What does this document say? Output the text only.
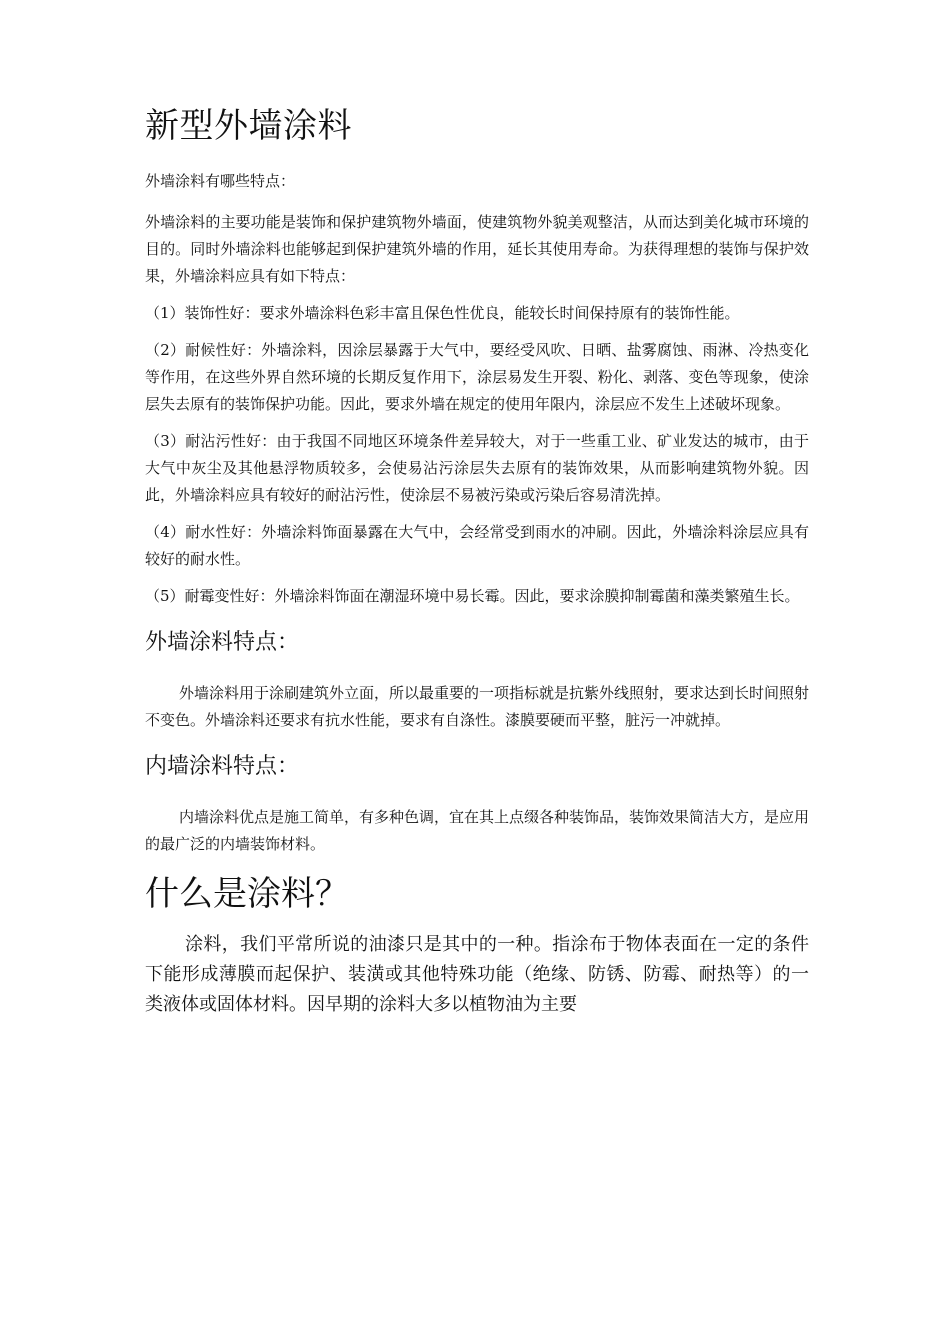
新型外墙涂料

外墙涂料有哪些特点：

外墙涂料的主要功能是装饰和保护建筑物外墙面，使建筑物外貌美观整洁，从而达到美化城市环境的目的。同时外墙涂料也能够起到保护建筑外墙的作用，延长其使用寿命。为获得理想的装饰与保护效果，外墙涂料应具有如下特点：

（1）装饰性好：要求外墙涂料色彩丰富且保色性优良，能较长时间保持原有的装饰性能。

（2）耐候性好：外墙涂料，因涂层暴露于大气中，要经受风吹、日晒、盐雾腐蚀、雨淋、冷热变化等作用，在这些外界自然环境的长期反复作用下，涂层易发生开裂、粉化、剥落、变色等现象，使涂层失去原有的装饰保护功能。因此，要求外墙在规定的使用年限内，涂层应不发生上述破坏现象。

（3）耐沾污性好：由于我国不同地区环境条件差异较大，对于一些重工业、矿业发达的城市，由于大气中灰尘及其他悬浮物质较多，会使易沾污涂层失去原有的装饰效果，从而影响建筑物外貌。因此，外墙涂料应具有较好的耐沾污性，使涂层不易被污染或污染后容易清洗掉。

（4）耐水性好：外墙涂料饰面暴露在大气中，会经常受到雨水的冲刷。因此，外墙涂料涂层应具有较好的耐水性。

（5）耐霉变性好：外墙涂料饰面在潮湿环境中易长霉。因此，要求涂膜抑制霉菌和藻类繁殖生长。

外墙涂料特点：

外墙涂料用于涂刷建筑外立面，所以最重要的一项指标就是抗紫外线照射，要求达到长时间照射不变色。外墙涂料还要求有抗水性能，要求有自涤性。漆膜要硬而平整，脏污一冲就掉。

内墙涂料特点：

内墙涂料优点是施工简单，有多种色调，宜在其上点缀各种装饰品，装饰效果简洁大方，是应用的最广泛的内墙装饰材料。

什么是涂料？

涂料，我们平常所说的油漆只是其中的一种。指涂布于物体表面在一定的条件下能形成薄膜而起保护、装潢或其他特殊功能（绝缘、防锈、防霉、耐热等）的一类液体或固体材料。因早期的涂料大多以植物油为主要
